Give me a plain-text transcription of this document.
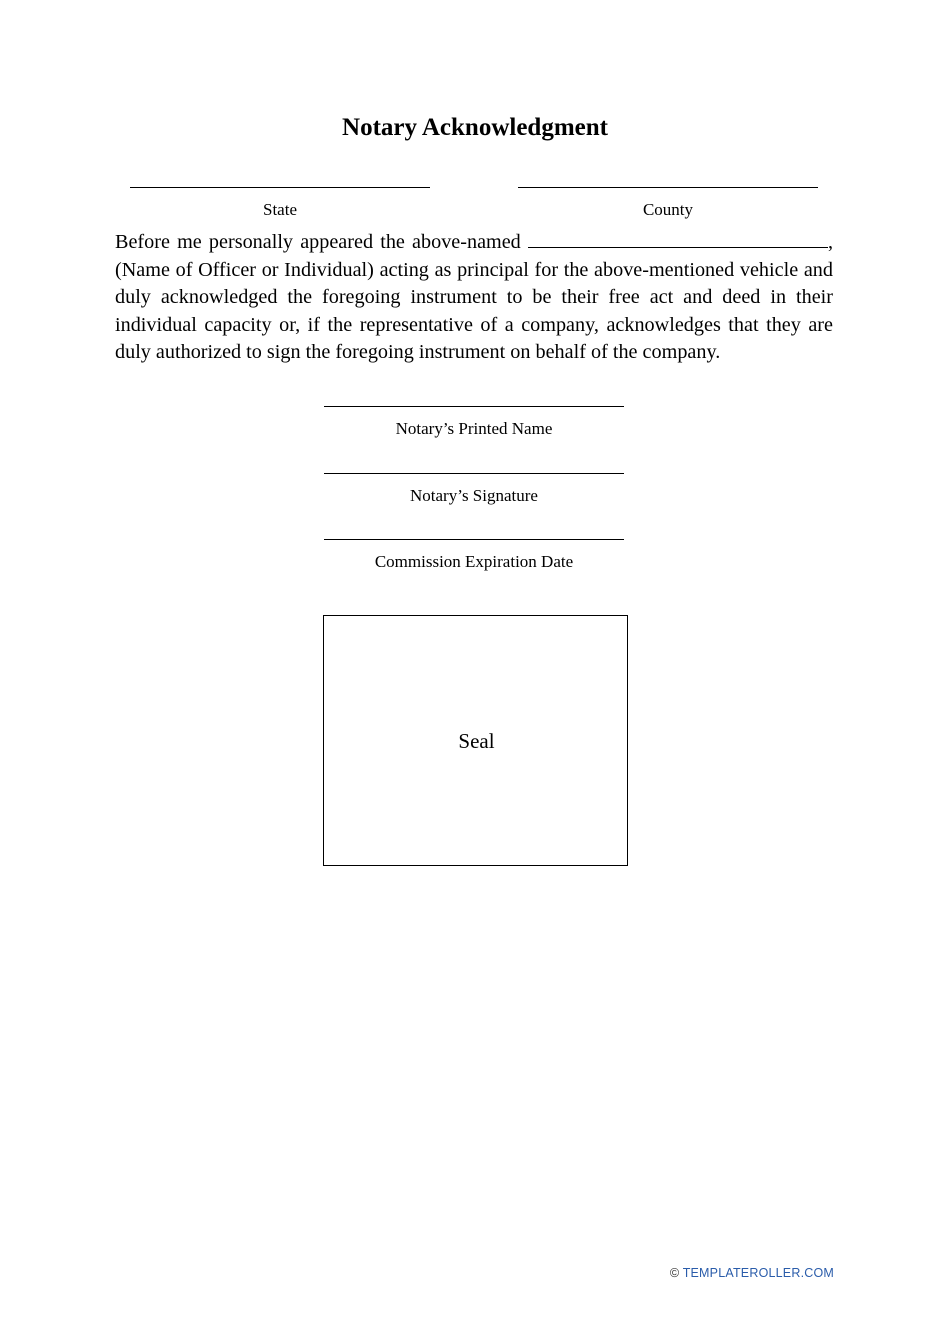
Notary Acknowledgment
State	County
Before me personally appeared the above-named	, (Name of Officer or Individual) acting as principal for the above-mentioned vehicle and duly acknowledged the foregoing instrument to be their free act and deed in their individual capacity or, if the representative of a company, acknowledges that they are duly authorized to sign the foregoing instrument on behalf of the company.
Notary’s Printed Name
Notary’s Signature
Commission Expiration Date
Seal
© TEMPLATEROLLER.COM
